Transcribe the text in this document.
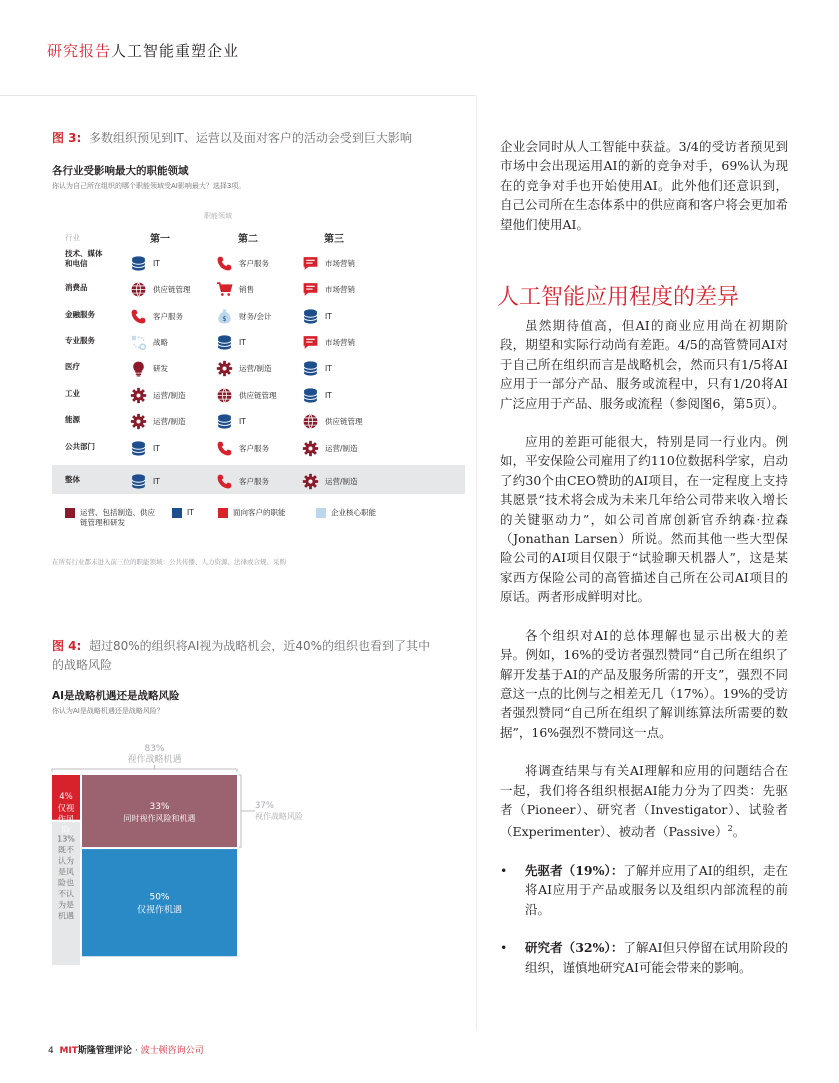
研究报告人工智能重塑企业
图 3: 多数组织预见到IT、运营以及面对客户的活动会受到巨大影响
各行业受影响最大的职能领域
你认为自己所在组织的哪个职能领域受AI影响最大？选择3项。
职能领域
行业	第一	第二	第三
技术、媒体和电信	IT	客户服务	市场营销
消费品	供应链管理	销售	市场营销
金融服务	客户服务	$ 财务/会计	IT
专业服务	战略	IT	市场营销
医疗	研发	运营/制造	IT
工业	运营/制造	供应链管理	IT
能源	运营/制造	IT	供应链管理
公共部门	IT	客户服务	运营/制造
整体	IT	客户服务	运营/制造
运营、包括制造、供应链管理和研发
IT	面向客户的职能	企业核心职能
在所有行业都未进入前三位的职能领域：公共传播、人力资源、法律或合规、采购
图 4: 超过80%的组织将AI视为战略机会，近40%的组织也看到了其中的战略风险
AI是战略机遇还是战略风险
你认为AI是战略机遇还是战略风险？
33%
同时视作风险和机遇
50%
仅视作机遇
4%
仅视作风险
13%
既不认为是风险也不认为是机遇
83%
视作战略机遇
37%
视作战略风险
企业会同时从人工智能中获益。3/4的受访者预见到市场中会出现运用AI的新的竞争对手，69%认为现在的竞争对手也开始使用AI。此外他们还意识到，自己公司所在生态体系中的供应商和客户将会更加希望他们使用AI。
人工智能应用程度的差异

虽然期待值高，但AI的商业应用尚在初期阶段，期望和实际行动尚有差距。4/5的高管赞同AI对于自己所在组织而言是战略机会，然而只有1/5将AI应用于一部分产品、服务或流程中，只有1/20将AI广泛应用于产品、服务或流程（参阅图6，第5页）。

应用的差距可能很大，特别是同一行业内。例如，平安保险公司雇用了约110位数据科学家，启动了约30个由CEO赞助的AI项目，在一定程度上支持其愿景“技术将会成为未来几年给公司带来收入增长的关键驱动力”，如公司首席创新官乔纳森·拉森（Jonathan Larsen）所说。然而其他一些大型保险公司的AI项目仅限于“试验聊天机器人”，这是某家西方保险公司的高管描述自己所在公司AI项目的原话。两者形成鲜明对比。

各个组织对AI的总体理解也显示出极大的差异。例如，16%的受访者强烈赞同“自己所在组织了解开发基于AI的产品及服务所需的开支”，强烈不同意这一点的比例与之相差无几（17%）。19%的受访者强烈赞同“自己所在组织了解训练算法所需要的数据”，16%强烈不赞同这一点。

将调查结果与有关AI理解和应用的问题结合在一起，我们将各组织根据AI能力分为了四类：先驱者（Pioneer）、研究者（Investigator）、试验者（Experimenter）、被动者（Passive）$^2$。

•	先驱者（19%）：了解并应用了AI的组织，走在将AI应用于产品或服务以及组织内部流程的前沿。
•	研究者（32%）：了解AI但只停留在试用阶段的组织，谨慎地研究AI可能会带来的影响。
4 MIT斯隆管理评论 · 波士顿咨询公司
